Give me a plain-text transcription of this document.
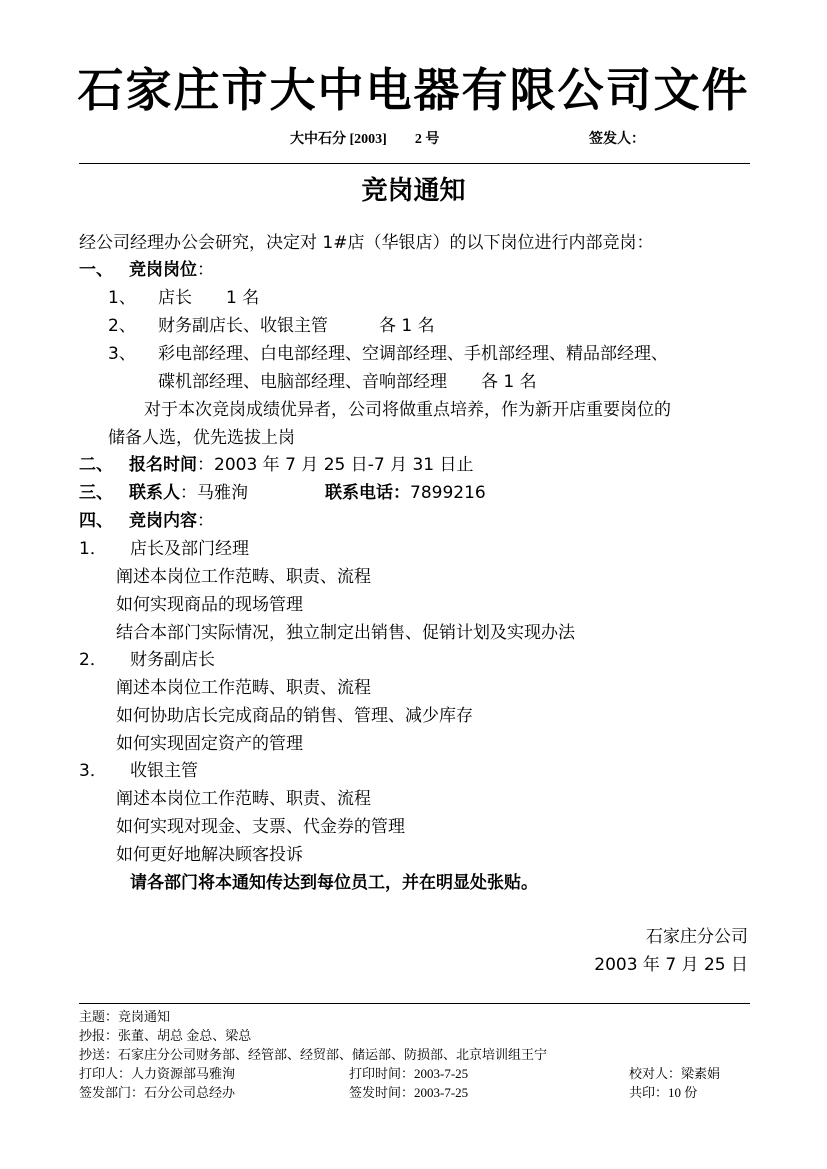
石家庄市大中电器有限公司文件
大中石分 [2003]　　2 号	签发人：
竞岗通知
经公司经理办公会研究，决定对 1#店（华银店）的以下岗位进行内部竞岗：
一、 竞岗岗位：
1、 店长　　1 名
2、 财务副店长、收银主管　　　各 1 名
3、 彩电部经理、白电部经理、空调部经理、手机部经理、精品部经理、
碟机部经理、电脑部经理、音响部经理　　各 1 名
对于本次竞岗成绩优异者，公司将做重点培养，作为新开店重要岗位的
储备人选，优先选拔上岗
二、 报名时间：2003 年 7 月 25 日-7 月 31 日止
三、 联系人：马雅洵	联系电话：7899216
四、 竞岗内容：
1． 店长及部门经理
阐述本岗位工作范畴、职责、流程
如何实现商品的现场管理
结合本部门实际情况，独立制定出销售、促销计划及实现办法
2． 财务副店长
阐述本岗位工作范畴、职责、流程
如何协助店长完成商品的销售、管理、减少库存
如何实现固定资产的管理
3． 收银主管
阐述本岗位工作范畴、职责、流程
如何实现对现金、支票、代金券的管理
如何更好地解决顾客投诉
请各部门将本通知传达到每位员工，并在明显处张贴。
石家庄分公司
2003 年 7 月 25 日
主题：竞岗通知
抄报：张董、胡总 金总、梁总
抄送：石家庄分公司财务部、经管部、经贸部、储运部、防损部、北京培训组王宁
打印人：人力资源部马雅洵	打印时间：2003-7-25	校对人：梁素娟
签发部门：石分公司总经办	签发时间：2003-7-25	共印：10 份
